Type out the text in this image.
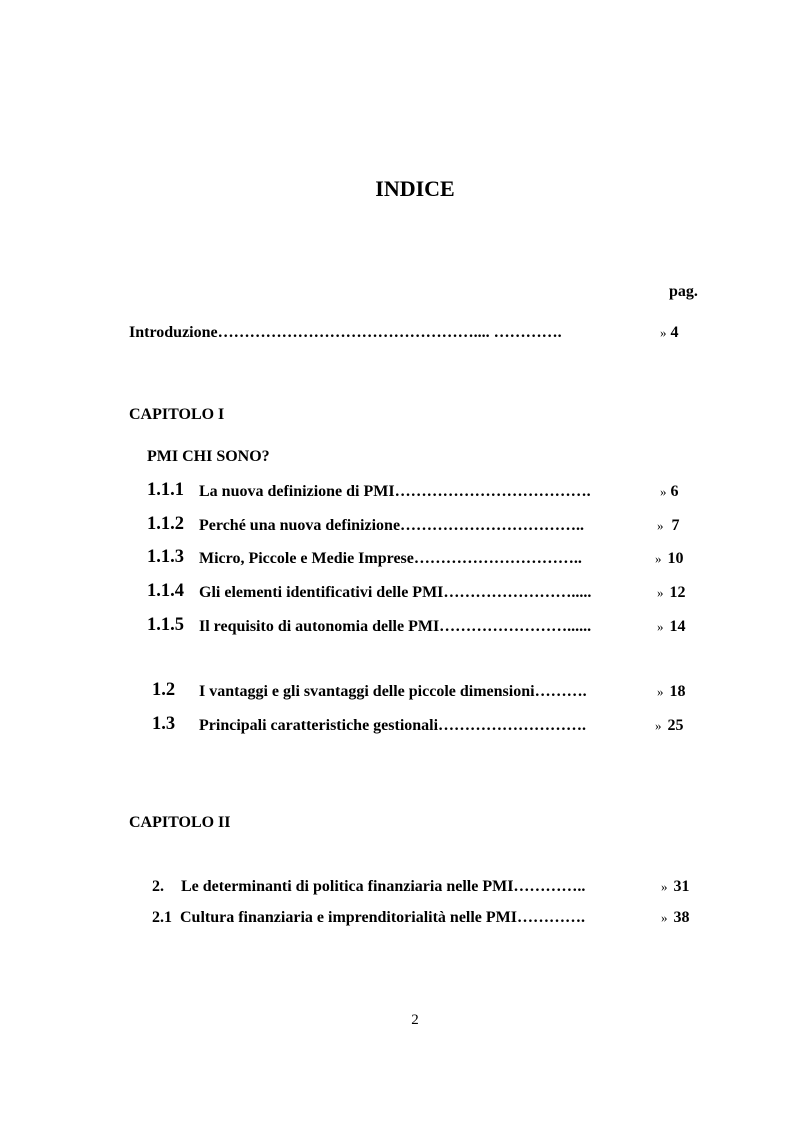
INDICE
pag.
Introduzione………………………………………….... ………….	» 4
CAPITOLO I
PMI CHI SONO?
1.1.1 La nuova definizione di PMI……………………………….	» 6
1.1.2 Perché una nuova definizione……………………………..	» 7
1.1.3 Micro, Piccole e Medie Imprese…………………………..	» 10
1.1.4 Gli elementi identificativi delle PMI…………………….....	» 12
1.1.5 Il requisito di autonomia delle PMI……………………......	» 14
1.2 I vantaggi e gli svantaggi delle piccole dimensioni……….	» 18
1.3 Principali caratteristiche gestionali……………………….	» 25
CAPITOLO II
2. Le determinanti di politica finanziaria nelle PMI…………..	» 31
2.1 Cultura finanziaria e imprenditorialità nelle PMI………….	» 38
2
